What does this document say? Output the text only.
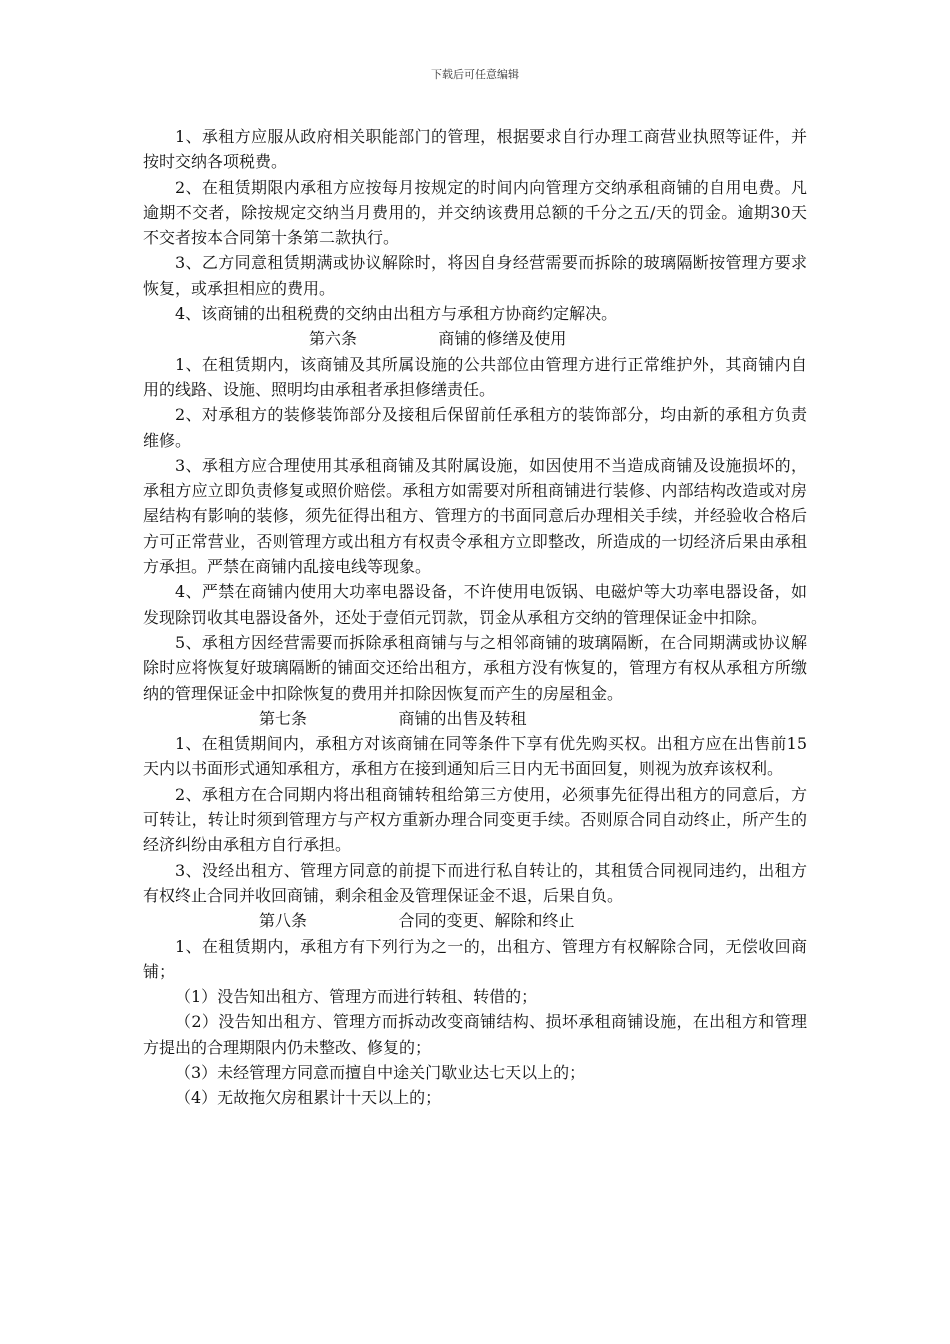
下载后可任意编辑

1、承租方应服从政府相关职能部门的管理，根据要求自行办理工商营业执照等证件，并按时交纳各项税费。

2、在租赁期限内承租方应按每月按规定的时间内向管理方交纳承租商铺的自用电费。凡逾期不交者，除按规定交纳当月费用的，并交纳该费用总额的千分之五/天的罚金。逾期30天不交者按本合同第十条第二款执行。

3、乙方同意租赁期满或协议解除时，将因自身经营需要而拆除的玻璃隔断按管理方要求恢复，或承担相应的费用。

4、该商铺的出租税费的交纳由出租方与承租方协商约定解决。

第六条                商铺的修缮及使用

1、在租赁期内，该商铺及其所属设施的公共部位由管理方进行正常维护外，其商铺内自用的线路、设施、照明均由承租者承担修缮责任。

2、对承租方的装修装饰部分及接租后保留前任承租方的装饰部分，均由新的承租方负责维修。

3、承租方应合理使用其承租商铺及其附属设施，如因使用不当造成商铺及设施损坏的，承租方应立即负责修复或照价赔偿。承租方如需要对所租商铺进行装修、内部结构改造或对房屋结构有影响的装修，须先征得出租方、管理方的书面同意后办理相关手续，并经验收合格后方可正常营业，否则管理方或出租方有权责令承租方立即整改，所造成的一切经济后果由承租方承担。严禁在商铺内乱接电线等现象。

4、严禁在商铺内使用大功率电器设备，不许使用电饭锅、电磁炉等大功率电器设备，如发现除罚收其电器设备外，还处于壹佰元罚款，罚金从承租方交纳的管理保证金中扣除。

5、承租方因经营需要而拆除承租商铺与与之相邻商铺的玻璃隔断，在合同期满或协议解除时应将恢复好玻璃隔断的铺面交还给出租方，承租方没有恢复的，管理方有权从承租方所缴纳的管理保证金中扣除恢复的费用并扣除因恢复而产生的房屋租金。

第七条                  商铺的出售及转租

1、在租赁期间内，承租方对该商铺在同等条件下享有优先购买权。出租方应在出售前15天内以书面形式通知承租方，承租方在接到通知后三日内无书面回复，则视为放弃该权利。

2、承租方在合同期内将出租商铺转租给第三方使用，必须事先征得出租方的同意后，方可转让，转让时须到管理方与产权方重新办理合同变更手续。否则原合同自动终止，所产生的经济纠纷由承租方自行承担。

3、没经出租方、管理方同意的前提下而进行私自转让的，其租赁合同视同违约，出租方有权终止合同并收回商铺，剩余租金及管理保证金不退，后果自负。

第八条                  合同的变更、解除和终止

1、在租赁期内，承租方有下列行为之一的，出租方、管理方有权解除合同，无偿收回商铺；

（1）没告知出租方、管理方而进行转租、转借的；

（2）没告知出租方、管理方而拆动改变商铺结构、损坏承租商铺设施，在出租方和管理方提出的合理期限内仍未整改、修复的；

（3）未经管理方同意而擅自中途关门歇业达七天以上的；

（4）无故拖欠房租累计十天以上的；
